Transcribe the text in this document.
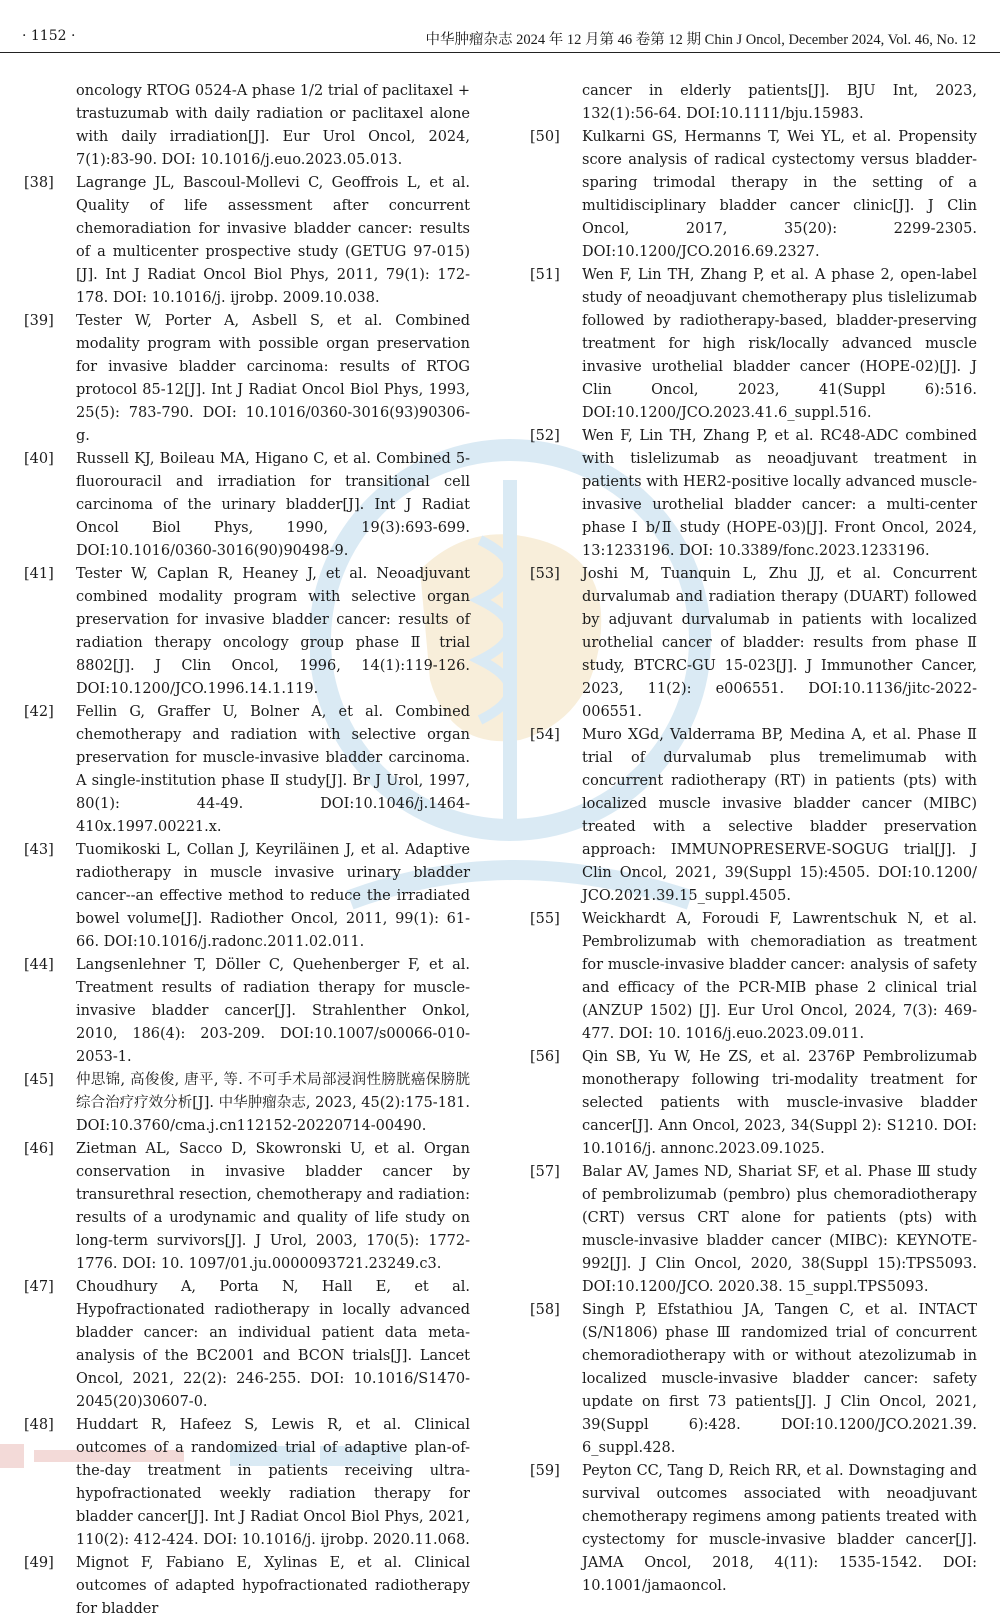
· 1152 ·	中华肿瘤杂志 2024 年 12 月第 46 卷第 12 期 Chin J Oncol, December 2024, Vol. 46, No. 12
oncology RTOG 0524-A phase 1/2 trial of paclitaxel + trastuzumab with daily radiation or paclitaxel alone with daily irradiation[J]. Eur Urol Oncol, 2024, 7(1):83-90. DOI: 10.1016/j.euo.2023.05.013.
[38]	Lagrange JL, Bascoul-Mollevi C, Geoffrois L, et al. Quality of life assessment after concurrent chemoradiation for invasive bladder cancer: results of a multicenter prospective study (GETUG 97-015) [J]. Int J Radiat Oncol Biol Phys, 2011, 79(1): 172-178. DOI: 10.1016/j. ijrobp. 2009.10.038.
[39]	Tester W, Porter A, Asbell S, et al. Combined modality program with possible organ preservation for invasive bladder carcinoma: results of RTOG protocol 85-12[J]. Int J Radiat Oncol Biol Phys, 1993, 25(5): 783-790. DOI: 10.1016/0360-3016(93)90306-g.
[40]	Russell KJ, Boileau MA, Higano C, et al. Combined 5-fluorouracil and irradiation for transitional cell carcinoma of the urinary bladder[J]. Int J Radiat Oncol Biol Phys, 1990, 19(3):693-699. DOI:10.1016/0360-3016(90)90498-9.
[41]	Tester W, Caplan R, Heaney J, et al. Neoadjuvant combined modality program with selective organ preservation for invasive bladder cancer: results of radiation therapy oncology group phase Ⅱ trial 8802[J]. J Clin Oncol, 1996, 14(1):119-126. DOI:10.1200/JCO.1996.14.1.119.
[42]	Fellin G, Graffer U, Bolner A, et al. Combined chemotherapy and radiation with selective organ preservation for muscle-invasive bladder carcinoma. A single-institution phase Ⅱ study[J]. Br J Urol, 1997, 80(1): 44-49. DOI:10.1046/j.1464-410x.1997.00221.x.
[43]	Tuomikoski L, Collan J, Keyriläinen J, et al. Adaptive radiotherapy in muscle invasive urinary bladder cancer--an effective method to reduce the irradiated bowel volume[J]. Radiother Oncol, 2011, 99(1): 61-66. DOI:10.1016/j.radonc.2011.02.011.
[44]	Langsenlehner T, Döller C, Quehenberger F, et al. Treatment results of radiation therapy for muscle-invasive bladder cancer[J]. Strahlenther Onkol, 2010, 186(4): 203-209. DOI:10.1007/s00066-010-2053-1.
[45]	仲思锦, 高俊俊, 唐平, 等. 不可手术局部浸润性膀胱癌保膀胱综合治疗疗效分析[J]. 中华肿瘤杂志, 2023, 45(2):175-181. DOI:10.3760/cma.j.cn112152-20220714-00490.
[46]	Zietman AL, Sacco D, Skowronski U, et al. Organ conservation in invasive bladder cancer by transurethral resection, chemotherapy and radiation: results of a urodynamic and quality of life study on long-term survivors[J]. J Urol, 2003, 170(5): 1772-1776. DOI: 10. 1097/01.ju.0000093721.23249.c3.
[47]	Choudhury A, Porta N, Hall E, et al. Hypofractionated radiotherapy in locally advanced bladder cancer: an individual patient data meta-analysis of the BC2001 and BCON trials[J]. Lancet Oncol, 2021, 22(2): 246-255. DOI: 10.1016/S1470-2045(20)30607-0.
[48]	Huddart R, Hafeez S, Lewis R, et al. Clinical outcomes of a randomized trial of adaptive plan-of-the-day treatment in patients receiving ultra-hypofractionated weekly radiation therapy for bladder cancer[J]. Int J Radiat Oncol Biol Phys, 2021, 110(2): 412-424. DOI: 10.1016/j. ijrobp. 2020.11.068.
[49]	Mignot F, Fabiano E, Xylinas E, et al. Clinical outcomes of adapted hypofractionated radiotherapy for bladder
cancer in elderly patients[J]. BJU Int, 2023, 132(1):56-64. DOI:10.1111/bju.15983.
[50]	Kulkarni GS, Hermanns T, Wei YL, et al. Propensity score analysis of radical cystectomy versus bladder-sparing trimodal therapy in the setting of a multidisciplinary bladder cancer clinic[J]. J Clin Oncol, 2017, 35(20): 2299-2305. DOI:10.1200/JCO.2016.69.2327.
[51]	Wen F, Lin TH, Zhang P, et al. A phase 2, open-label study of neoadjuvant chemotherapy plus tislelizumab followed by radiotherapy-based, bladder-preserving treatment for high risk/locally advanced muscle invasive urothelial bladder cancer (HOPE-02)[J]. J Clin Oncol, 2023, 41(Suppl 6):516. DOI:10.1200/JCO.2023.41.6_suppl.516.
[52]	Wen F, Lin TH, Zhang P, et al. RC48-ADC combined with tislelizumab as neoadjuvant treatment in patients with HER2-positive locally advanced muscle-invasive urothelial bladder cancer: a multi-center phase Ⅰ b/Ⅱ study (HOPE-03)[J]. Front Oncol, 2024, 13:1233196. DOI: 10.3389/fonc.2023.1233196.
[53]	Joshi M, Tuanquin L, Zhu JJ, et al. Concurrent durvalumab and radiation therapy (DUART) followed by adjuvant durvalumab in patients with localized urothelial cancer of bladder: results from phase Ⅱ study, BTCRC-GU 15-023[J]. J Immunother Cancer, 2023, 11(2): e006551. DOI:10.1136/jitc-2022-006551.
[54]	Muro XGd, Valderrama BP, Medina A, et al. Phase Ⅱ trial of durvalumab plus tremelimumab with concurrent radiotherapy (RT) in patients (pts) with localized muscle invasive bladder cancer (MIBC) treated with a selective bladder preservation approach: IMMUNOPRESERVE-SOGUG trial[J]. J Clin Oncol, 2021, 39(Suppl 15):4505. DOI:10.1200/ JCO.2021.39.15_suppl.4505.
[55]	Weickhardt A, Foroudi F, Lawrentschuk N, et al. Pembrolizumab with chemoradiation as treatment for muscle-invasive bladder cancer: analysis of safety and efficacy of the PCR-MIB phase 2 clinical trial (ANZUP 1502) [J]. Eur Urol Oncol, 2024, 7(3): 469-477. DOI: 10. 1016/j.euo.2023.09.011.
[56]	Qin SB, Yu W, He ZS, et al. 2376P Pembrolizumab monotherapy following tri-modality treatment for selected patients with muscle-invasive bladder cancer[J]. Ann Oncol, 2023, 34(Suppl 2): S1210. DOI: 10.1016/j. annonc.2023.09.1025.
[57]	Balar AV, James ND, Shariat SF, et al. Phase Ⅲ study of pembrolizumab (pembro) plus chemoradiotherapy (CRT) versus CRT alone for patients (pts) with muscle-invasive bladder cancer (MIBC): KEYNOTE-992[J]. J Clin Oncol, 2020, 38(Suppl 15):TPS5093. DOI:10.1200/JCO. 2020.38. 15_suppl.TPS5093.
[58]	Singh P, Efstathiou JA, Tangen C, et al. INTACT (S/N1806) phase Ⅲ randomized trial of concurrent chemoradiotherapy with or without atezolizumab in localized muscle-invasive bladder cancer: safety update on first 73 patients[J]. J Clin Oncol, 2021, 39(Suppl 6):428. DOI:10.1200/JCO.2021.39. 6_suppl.428.
[59]	Peyton CC, Tang D, Reich RR, et al. Downstaging and survival outcomes associated with neoadjuvant chemotherapy regimens among patients treated with cystectomy for muscle-invasive bladder cancer[J]. JAMA Oncol, 2018, 4(11): 1535-1542. DOI: 10.1001/jamaoncol.
